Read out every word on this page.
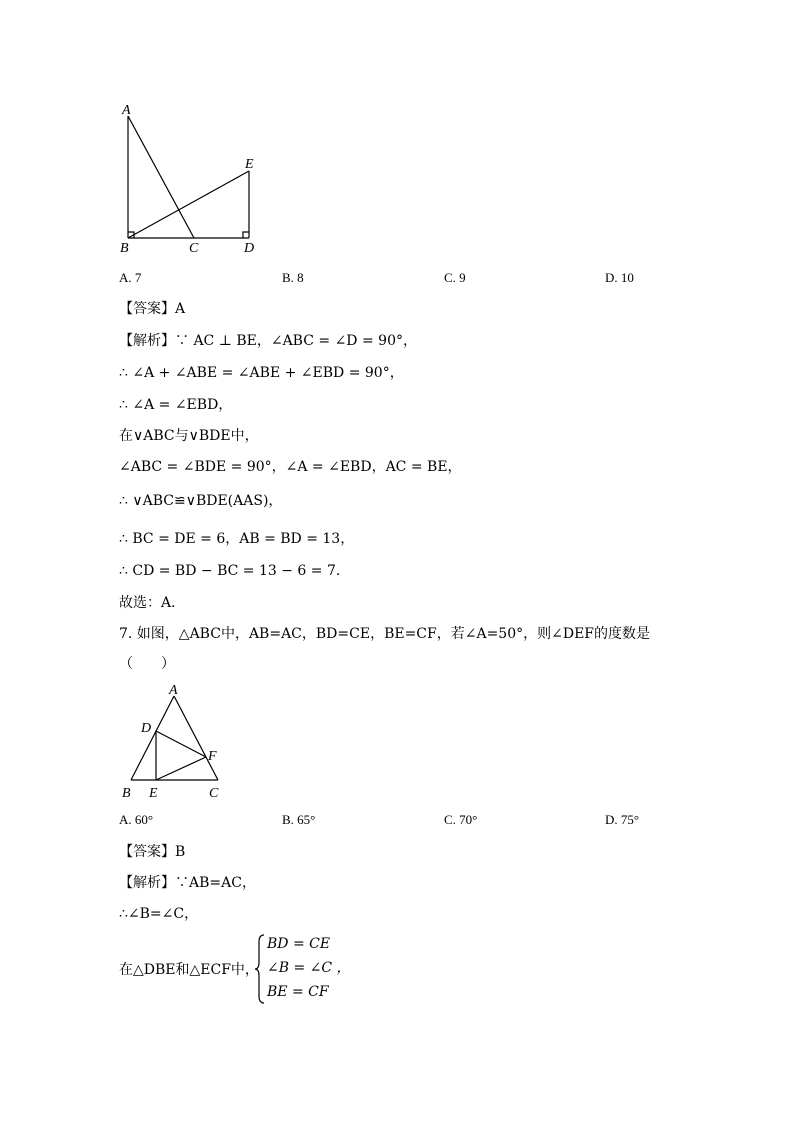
A
B	C	D
E
A. 7	B. 8	C. 9	D. 10
【答案】A
【解析】∵ AC ⊥ BE，∠ABC = ∠D = 90°，
∴ ∠A + ∠ABE = ∠ABE + ∠EBD = 90°，
∴ ∠A = ∠EBD，
在∨ABC与∨BDE中，
∠ABC = ∠BDE = 90°，∠A = ∠EBD，AC = BE，
∴ ∨ABC≌∨BDE(AAS)，
∴ BC = DE = 6，AB = BD = 13，
∴ CD = BD − BC = 13 − 6 = 7．
故选：A．
7. 如图，△ABC中，AB=AC，BD=CE，BE=CF，若∠A=50°，则∠DEF的度数是
（　　）
A
B	C
D
E
F
A. 60°	B. 65°	C. 70°	D. 75°
【答案】B
【解析】∵AB=AC，
∴∠B=∠C，
在△DBE和△ECF中，
BD = CE
∠B = ∠C ，
BE = CF
